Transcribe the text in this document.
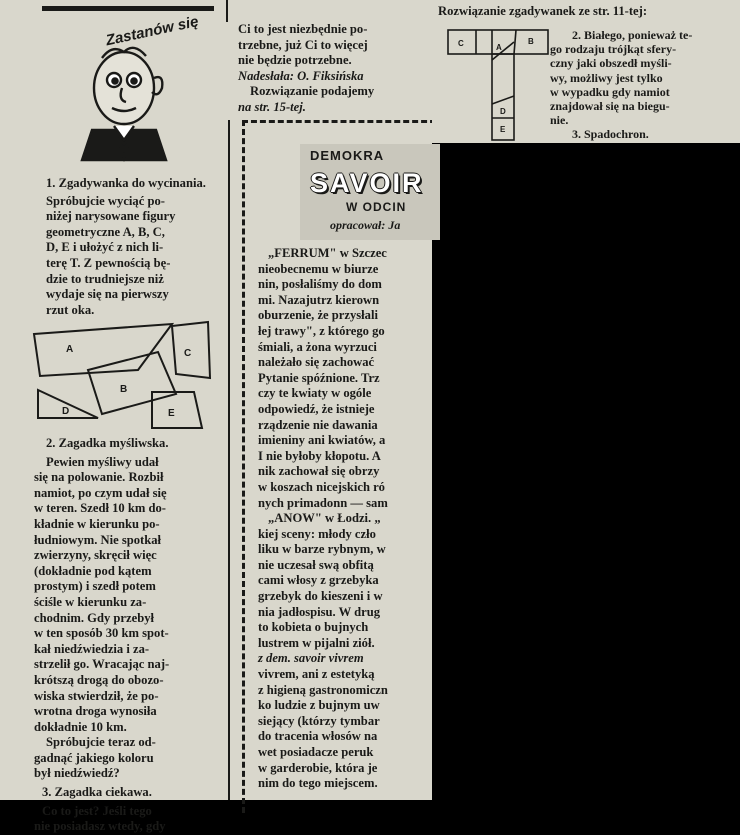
Zastanów się

1. Zgadywanka do wycinania.

Spróbujcie wyciąć po-

niżej narysowane figury

geometryczne A, B, C,

D, E i ułożyć z nich li-

terę T. Z pewnością bę-

dzie to trudniejsze niż

wydaje się na pierwszy

rzut oka.

A
B
C
D	E

2. Zagadka myśliwska.

Pewien myśliwy udał

się na polowanie. Rozbił

namiot, po czym udał się

w teren. Szedł 10 km do-

kładnie w kierunku po-

łudniowym. Nie spotkał

zwierzyny, skręcił więc

(dokładnie pod kątem

prostym) i szedł potem

ściśle w kierunku za-

chodnim. Gdy przebył

w ten sposób 30 km spot-

kał niedźwiedzia i za-

strzelił go. Wracając naj-

krótszą drogą do obozo-

wiska stwierdził, że po-

wrotna droga wynosiła

dokładnie 10 km.

Spróbujcie teraz od-

gadnąć jakiego koloru

był niedźwiedź?

3. Zagadka ciekawa.

Co to jest? Jeśli tego

nie posiadasz wtedy, gdy

Ci to jest niezbędnie po-

trzebne, już Ci to więcej

nie będzie potrzebne.

Nadesłała: O. Fiksińska

Rozwiązanie podajemy

na str. 15-tej.

DEMOKRA
SAVOIR
W ODCIN
opracował: Ja

„FERRUM" w Szczec

nieobecnemu w biurze

nin, posłaliśmy do dom

mi. Nazajutrz kierown

oburzenie, że przysłali

łej trawy", z którego go

śmiali, a żona wyrzuci

należało się zachować

Pytanie spóźnione. Trz

czy te kwiaty w ogóle

odpowiedź, że istnieje

rządzenie nie dawania

imieniny ani kwiatów, a

I nie byłoby kłopotu. A

nik zachował się obrzy

w koszach nicejskich ró

nych primadonn — sam

„ANOW" w Łodzi. „

kiej sceny: młody czło

liku w barze rybnym, w

nie uczesał swą obfitą

cami włosy z grzebyka

grzebyk do kieszeni i w

nia jadłospisu. W drug

to kobieta o bujnych

lustrem w pijalni ziół.

z dem. savoir vivrem

vivrem, ani z estetyką

z higieną gastronomiczn

ko ludzie z bujnym uw

siejący (którzy tymbar

do tracenia włosów na

wet posiadacze peruk

w garderobie, która je

nim do tego miejscem.

Rozwiązanie zgadywanek ze str. 11-tej:
C	A
B
D
E

2. Białego, ponieważ te-

go rodzaju trójkąt sfery-

czny jaki obszedł myśli-

wy, możliwy jest tylko

w wypadku gdy namiot

znajdował się na biegu-

nie.

3. Spadochron.
